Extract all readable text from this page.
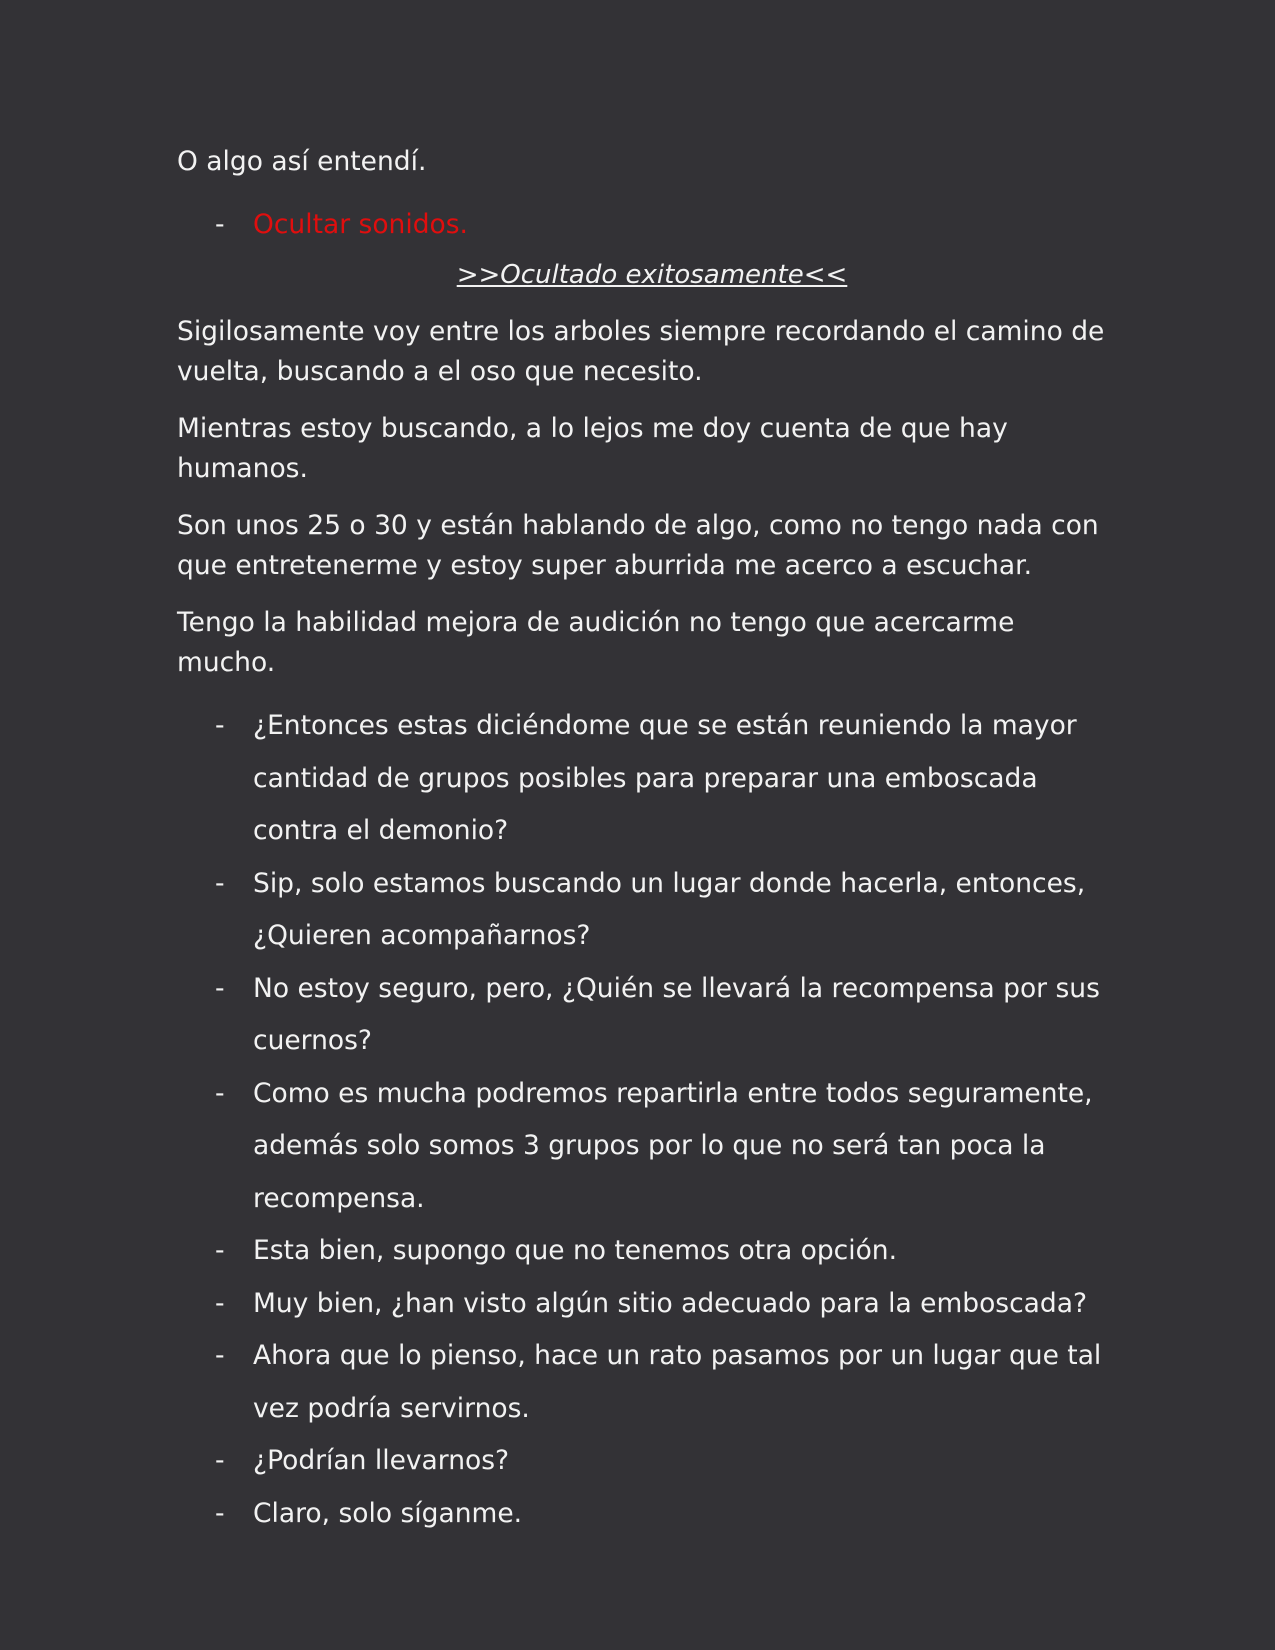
O algo así entendí.

- Ocultar sonidos.

>>Ocultado exitosamente<<

Sigilosamente voy entre los arboles siempre recordando el camino de vuelta, buscando a el oso que necesito.

Mientras estoy buscando, a lo lejos me doy cuenta de que hay humanos.

Son unos 25 o 30 y están hablando de algo, como no tengo nada con que entretenerme y estoy super aburrida me acerco a escuchar.

Tengo la habilidad mejora de audición no tengo que acercarme mucho.

- ¿Entonces estas diciéndome que se están reuniendo la mayor cantidad de grupos posibles para preparar una emboscada contra el demonio?
- Sip, solo estamos buscando un lugar donde hacerla, entonces, ¿Quieren acompañarnos?
- No estoy seguro, pero, ¿Quién se llevará la recompensa por sus cuernos?
- Como es mucha podremos repartirla entre todos seguramente, además solo somos 3 grupos por lo que no será tan poca la recompensa.
- Esta bien, supongo que no tenemos otra opción.
- Muy bien, ¿han visto algún sitio adecuado para la emboscada?
- Ahora que lo pienso, hace un rato pasamos por un lugar que tal vez podría servirnos.
- ¿Podrían llevarnos?
- Claro, solo síganme.
